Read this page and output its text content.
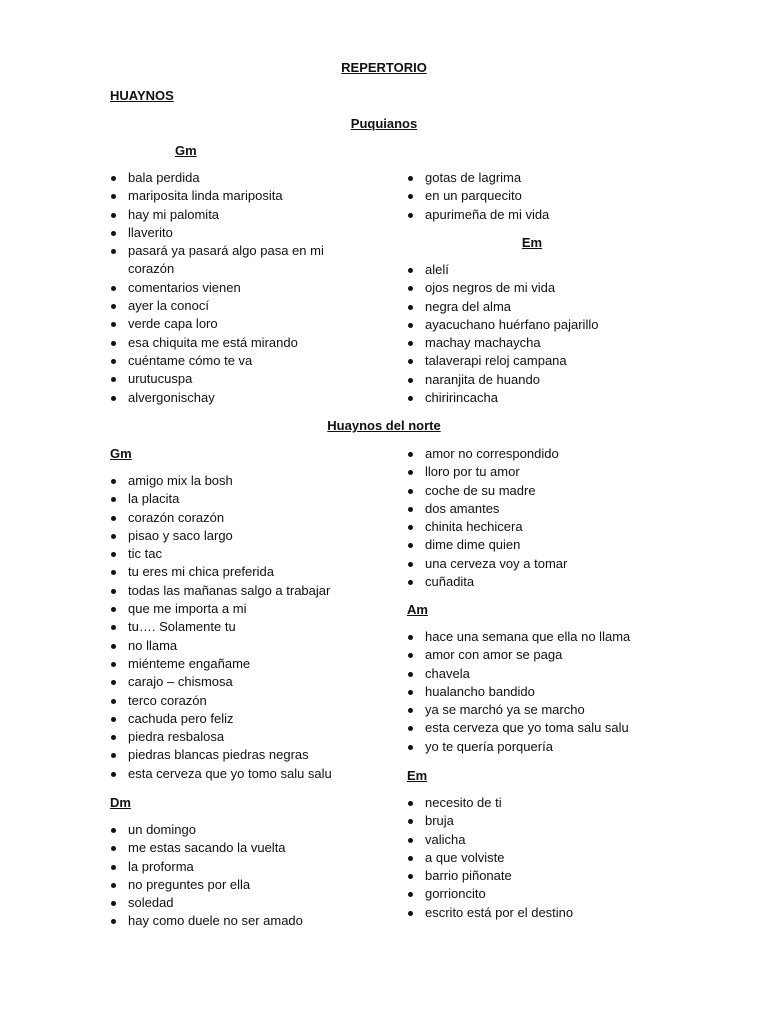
REPERTORIO
HUAYNOS
Puquianos
Gm
bala perdida
mariposita linda mariposita
hay mi palomita
llaverito
pasará ya pasará algo pasa en mi corazón
comentarios vienen
ayer la conocí
verde capa loro
esa chiquita me está mirando
cuéntame cómo te va
urutucuspa
alvergonischay
gotas de lagrima
en un parquecito
apurimeña de mi vida
Em
alelí
ojos negros de mi vida
negra del alma
ayacuchano huérfano pajarillo
machay machaycha
talaverapi reloj campana
naranjita de huando
chiririncacha
Huaynos del norte
Gm
amigo mix la bosh
la placita
corazón corazón
pisao y saco largo
tic tac
tu eres mi chica preferida
todas las mañanas salgo a trabajar
que me importa a mi
tu…. Solamente tu
no llama
miénteme engañame
carajo – chismosa
terco corazón
cachuda pero feliz
piedra resbalosa
piedras blancas piedras negras
esta cerveza que yo tomo salu salu
amor no correspondido
lloro por tu amor
coche de su madre
dos amantes
chinita hechicera
dime dime quien
una cerveza voy a tomar
cuñadita
Am
hace una semana que ella no llama
amor con amor se paga
chavela
hualancho bandido
ya se marchó ya se marcho
esta cerveza que yo toma salu salu
yo te quería porquería
Dm
un domingo
me estas sacando la vuelta
la proforma
no preguntes por ella
soledad
hay como duele no ser amado
Em
necesito de ti
bruja
valicha
a que volviste
barrio piñonate
gorrioncito
escrito está por el destino
